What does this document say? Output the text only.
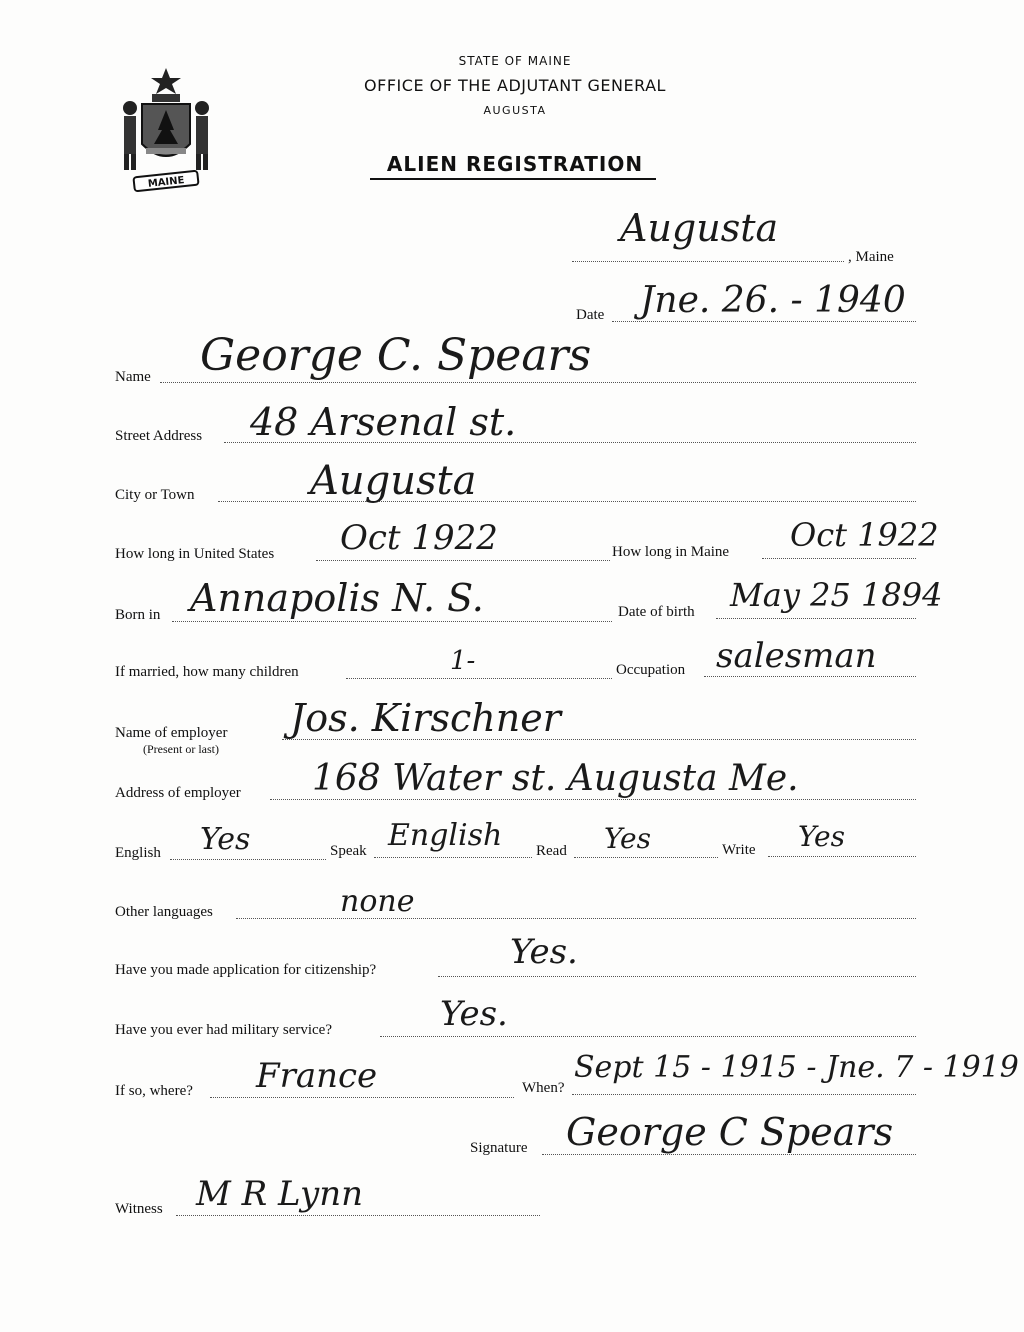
MAINE
STATE OF MAINE
OFFICE OF THE ADJUTANT GENERAL
AUGUSTA
ALIEN REGISTRATION
Augusta
, Maine
Date Jne. 26. - 1940
Name George C. Spears
Street Address 48 Arsenal st.
City or Town	Augusta
How long in United States Oct 1922	How long in Maine Oct 1922
Born in Annapolis N. S.	Date of birth May 25 1894
If married, how many children	1-	Occupation salesman
Name of employer
(Present or last)
Jos. Kirschner
Address of employer 168 Water st. Augusta Me.
English Yes	Speak English Read Yes	Write Yes
Other languages	none
Have you made application for citizenship?	Yes.
Have you ever had military service?	Yes.
If so, where? France	When?
Sept 15 - 1915 - Jne. 7 - 1919
Signature George C Spears
Witness M R Lynn
